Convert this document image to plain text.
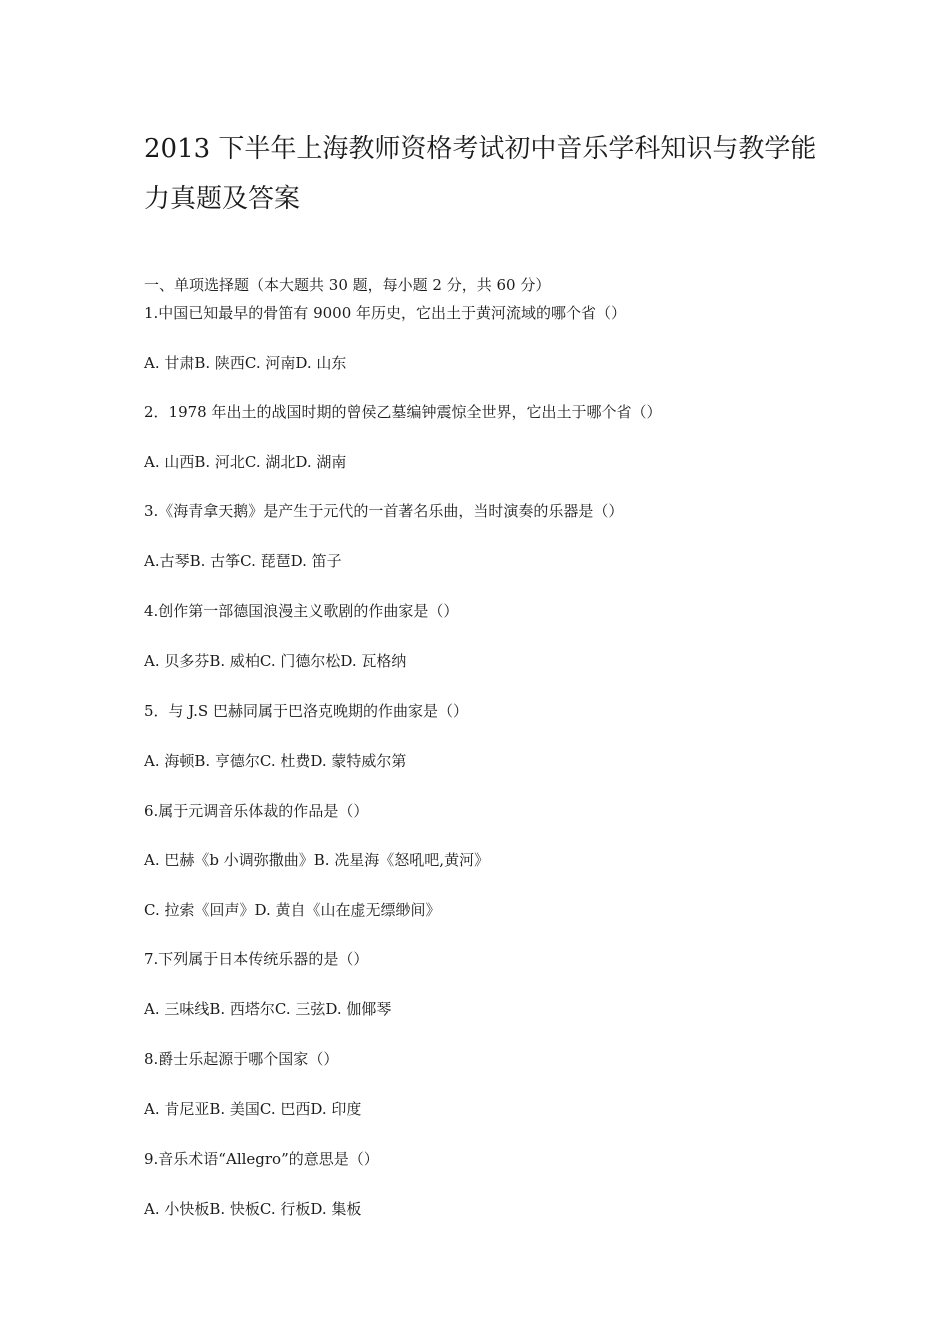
2013 下半年上海教师资格考试初中音乐学科知识与教学能
力真题及答案
一、单项选择题（本大题共 30 题，每小题 2 分，共 60 分）
1.中国已知最早的骨笛有 9000 年历史，它出土于黄河流域的哪个省（）
A. 甘肃B. 陕西C. 河南D. 山东
2．1978 年出土的战国时期的曾侯乙墓编钟震惊全世界，它出土于哪个省（）
A. 山西B. 河北C. 湖北D. 湖南
3.《海青拿天鹅》是产生于元代的一首著名乐曲，当时演奏的乐器是（）
A.古琴B. 古筝C. 琵琶D. 笛子
4.创作第一部德国浪漫主义歌剧的作曲家是（）
A. 贝多芬B. 威柏C. 门德尔松D. 瓦格纳
5．与 J.S 巴赫同属于巴洛克晚期的作曲家是（）
A. 海顿B. 亨德尔C. 杜费D. 蒙特威尔第
6.属于元调音乐体裁的作品是（）
A. 巴赫《b 小调弥撒曲》B. 冼星海《怒吼吧,黄河》
C. 拉索《回声》D. 黄自《山在虚无缥缈间》
7.下列属于日本传统乐器的是（）
A. 三味线B. 西塔尔C. 三弦D. 伽倻琴
8.爵士乐起源于哪个国家（）
A. 肯尼亚B. 美国C. 巴西D. 印度
9.音乐术语“Allegro”的意思是（）
A. 小快板B. 快板C. 行板D. 集板
